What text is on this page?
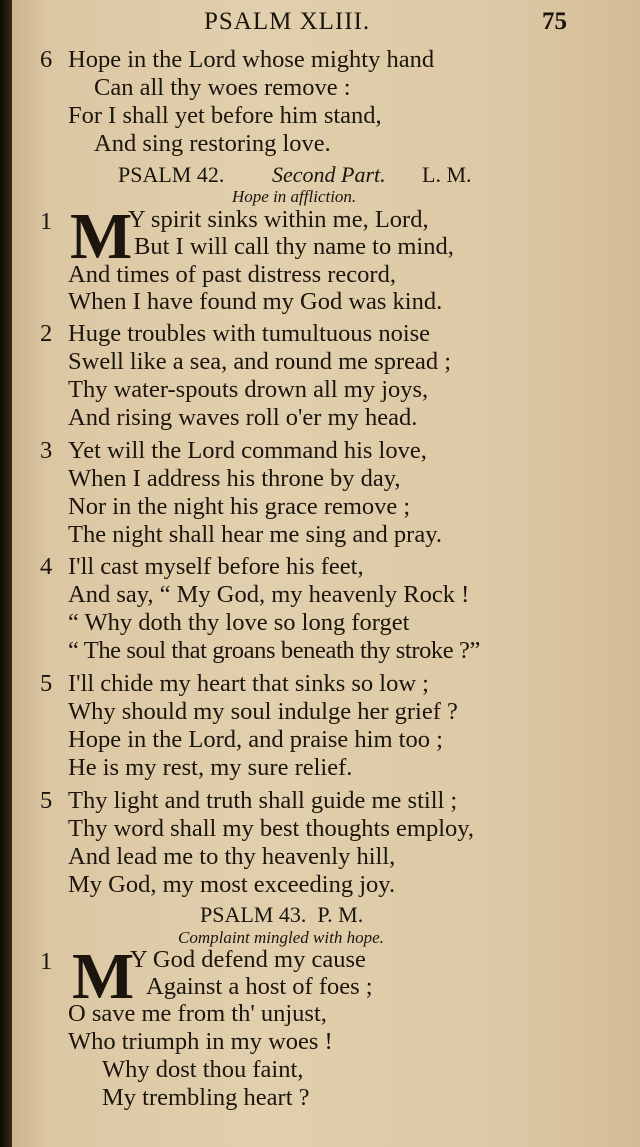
PSALM XLIII.	75
6 Hope in the Lord whose mighty hand
Can all thy woes remove :
For I shall yet before him stand,
And sing restoring love.
PSALM 42. Second Part. L. M.
Hope in affliction.
1 M
Y spirit sinks within me, Lord,
But I will call thy name to mind,
And times of past distress record,
When I have found my God was kind.
2 Huge troubles with tumultuous noise
Swell like a sea, and round me spread ;
Thy water-spouts drown all my joys,
And rising waves roll o'er my head.
3 Yet will the Lord command his love,
When I address his throne by day,
Nor in the night his grace remove ;
The night shall hear me sing and pray.
4 I'll cast myself before his feet,
And say, “ My God, my heavenly Rock !
“ Why doth thy love so long forget
“ The soul that groans beneath thy stroke ?”
5 I'll chide my heart that sinks so low ;
Why should my soul indulge her grief ?
Hope in the Lord, and praise him too ;
He is my rest, my sure relief.
5 Thy light and truth shall guide me still ;
Thy word shall my best thoughts employ,
And lead me to thy heavenly hill,
My God, my most exceeding joy.
PSALM 43.  P. M.
Complaint mingled with hope.
1 M
Y God defend my cause
Against a host of foes ;
O save me from th' unjust,
Who triumph in my woes !
Why dost thou faint,
My trembling heart ?
